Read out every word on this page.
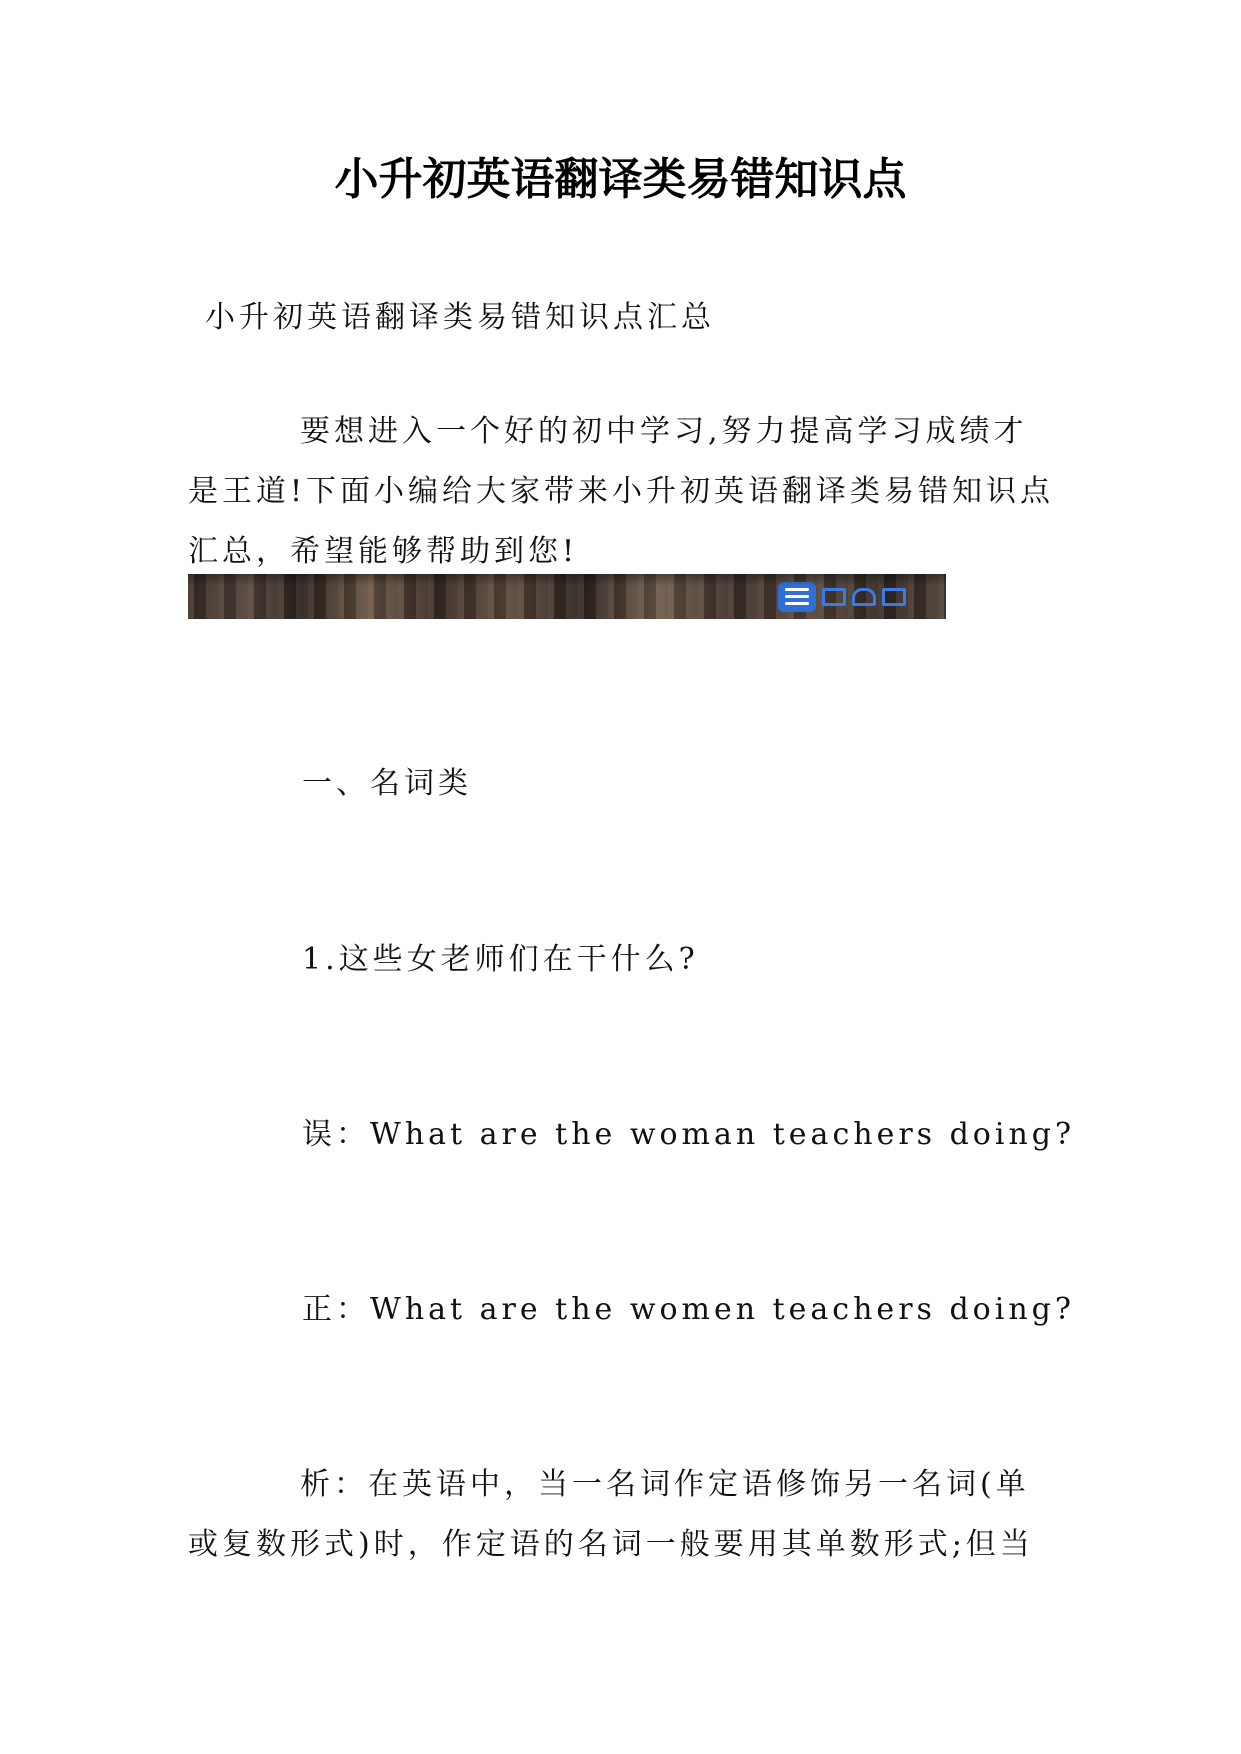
小升初英语翻译类易错知识点

小升初英语翻译类易错知识点汇总

要想进入一个好的初中学习,努力提高学习成绩才是王道!下面小编给大家带来小升初英语翻译类易错知识点汇总，希望能够帮助到您!

一、名词类

1.这些女老师们在干什么?

误：What are the woman teachers doing?

正：What are the women teachers doing?

析：在英语中，当一名词作定语修饰另一名词(单或复数形式)时，作定语的名词一般要用其单数形式;但当
